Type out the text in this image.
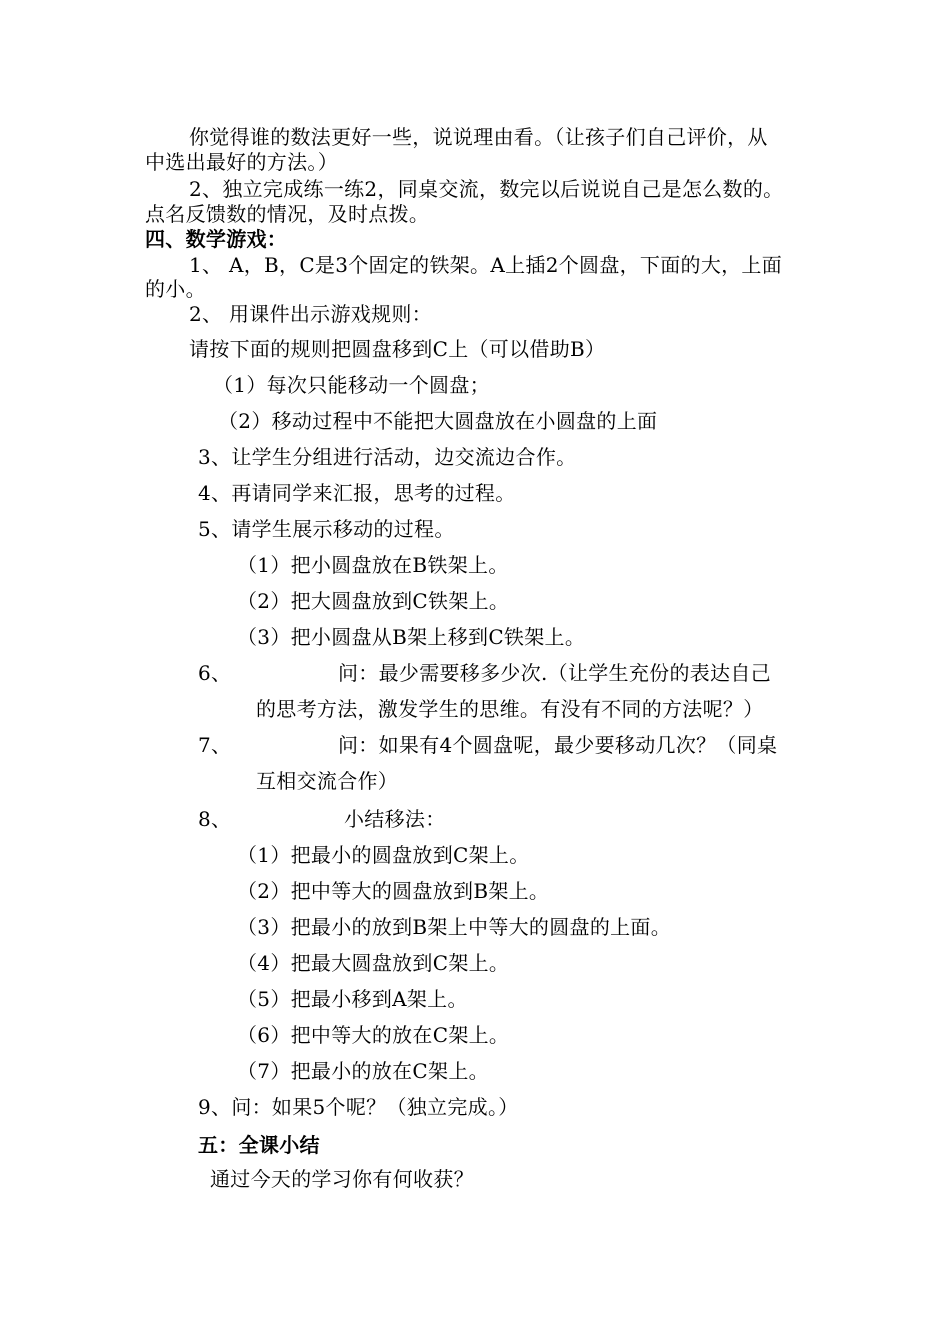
你觉得谁的数法更好一些，说说理由看。（让孩子们自己评价，从
中选出最好的方法。）
2、独立完成练一练2，同桌交流，数完以后说说自己是怎么数的。
点名反馈数的情况，及时点拨。
四、数学游戏：
1、 A，B，C是3个固定的铁架。A上插2个圆盘，下面的大，上面
的小。
2、 用课件出示游戏规则：
请按下面的规则把圆盘移到C上（可以借助B）
（1）每次只能移动一个圆盘；
（2）移动过程中不能把大圆盘放在小圆盘的上面
3、让学生分组进行活动，边交流边合作。
4、再请同学来汇报，思考的过程。
5、请学生展示移动的过程。
（1）把小圆盘放在B铁架上。
（2）把大圆盘放到C铁架上。
（3）把小圆盘从B架上移到C铁架上。
6、	问：最少需要移多少次.（让学生充份的表达自己
的思考方法，激发学生的思维。有没有不同的方法呢？）
7、	问：如果有4个圆盘呢，最少要移动几次？（同桌
互相交流合作）
8、	小结移法：
（1）把最小的圆盘放到C架上。
（2）把中等大的圆盘放到B架上。
（3）把最小的放到B架上中等大的圆盘的上面。
（4）把最大圆盘放到C架上。
（5）把最小移到A架上。
（6）把中等大的放在C架上。
（7）把最小的放在C架上。
9、问：如果5个呢？（独立完成。）
五：全课小结
通过今天的学习你有何收获？
